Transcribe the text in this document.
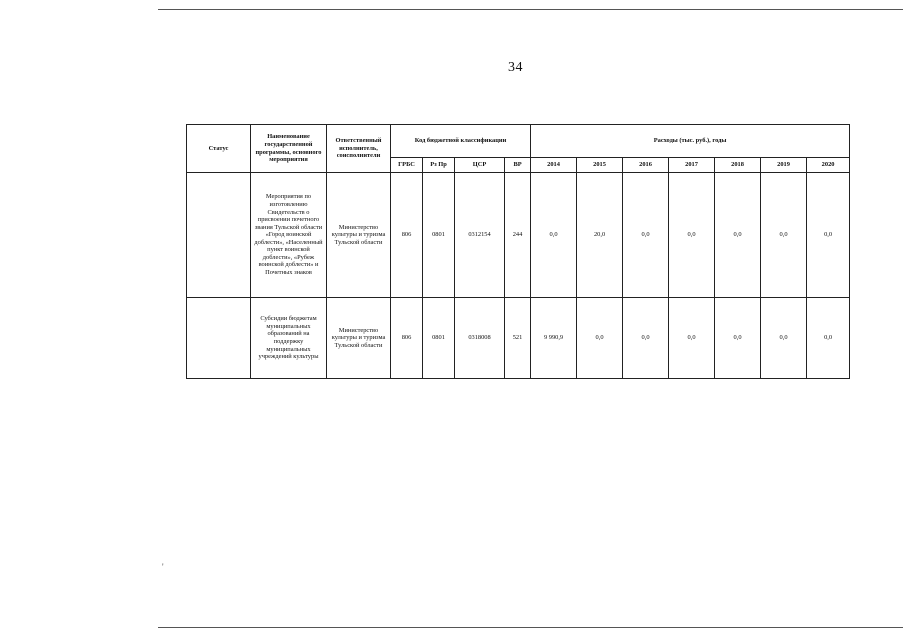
34
Статус	Наименование государственной программы, основного мероприятия	Ответственный исполнитель, соисполнители	Код бюджетной классификации				Расходы (тыс. руб.), годы						
			ГРБС	Рз Пр	ЦСР	ВР	2014	2015	2016	2017	2018	2019	2020
	Мероприятия по изготовлению Свидетельств о присвоении почетного звания Тульской области «Город воинской доблести», «Населенный пункт воинской доблести», «Рубеж воинской доблести» и Почетных знаков	Министерство культуры и туризма Тульской области	806	0801	0312154	244	0,0	20,0	0,0	0,0	0,0	0,0	0,0
	Субсидии бюджетам муниципальных образований на поддержку муниципальных учреждений культуры	Министерство культуры и туризма Тульской области	806	0801	0318008	521	9 990,9	0,0	0,0	0,0	0,0	0,0	0,0
'
